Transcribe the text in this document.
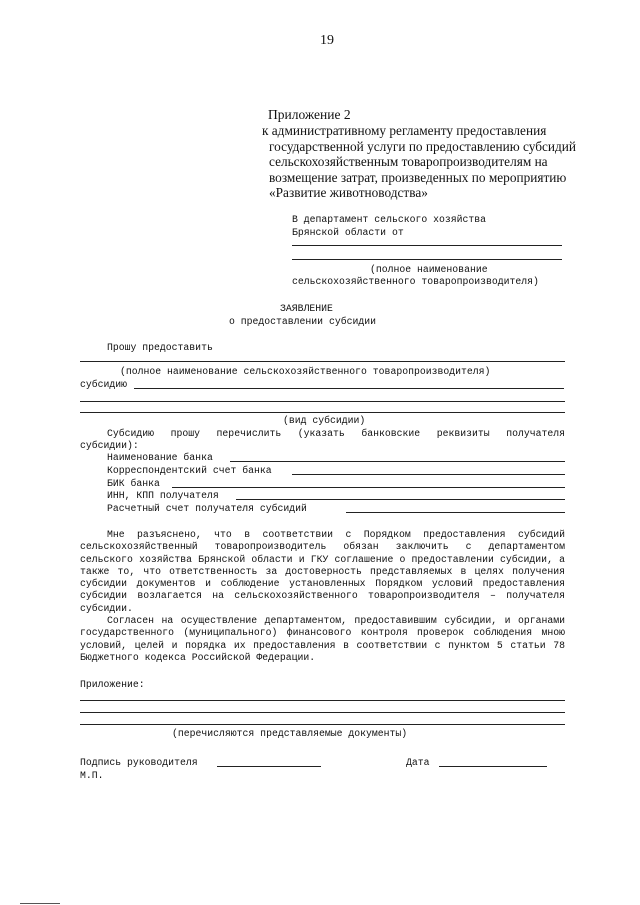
19
Приложение 2
к административному регламенту предоставления
государственной услуги по предоставлению субсидий
сельскохозяйственным товаропроизводителям на
возмещение затрат, произведенных по мероприятию
«Развитие животноводства»
В департамент сельского хозяйства
Брянской области от
(полное наименование
сельскохозяйственного товаропроизводителя)
ЗАЯВЛЕНИЕ
о предоставлении субсидии
Прошу предоставить
(полное наименование сельскохозяйственного товаропроизводителя)
субсидию
(вид субсидии)
Субсидию прошу перечислить (указать банковские реквизиты получателя субсидии):
Наименование банка
Корреспондентский счет банка
БИК банка
ИНН, КПП получателя
Расчетный счет получателя субсидий
Мне разъяснено, что в соответствии с Порядком предоставления субсидий сельскохозяйственный товаропроизводитель обязан заключить с департаментом сельского хозяйства Брянской области и ГКУ соглашение о предоставлении субсидии, а также то, что ответственность за достоверность представляемых в целях получения субсидии документов и соблюдение установленных Порядком условий предоставления субсидии возлагается на сельскохозяйственного товаропроизводителя – получателя субсидии.
Согласен на осуществление департаментом, предоставившим субсидии, и органами государственного (муниципального) финансового контроля проверок соблюдения мною условий, целей и порядка их предоставления в соответствии с пунктом 5 статьи 78 Бюджетного кодекса Российской Федерации.
Приложение:
(перечисляются представляемые документы)
Подпись руководителя	Дата
М.П.
